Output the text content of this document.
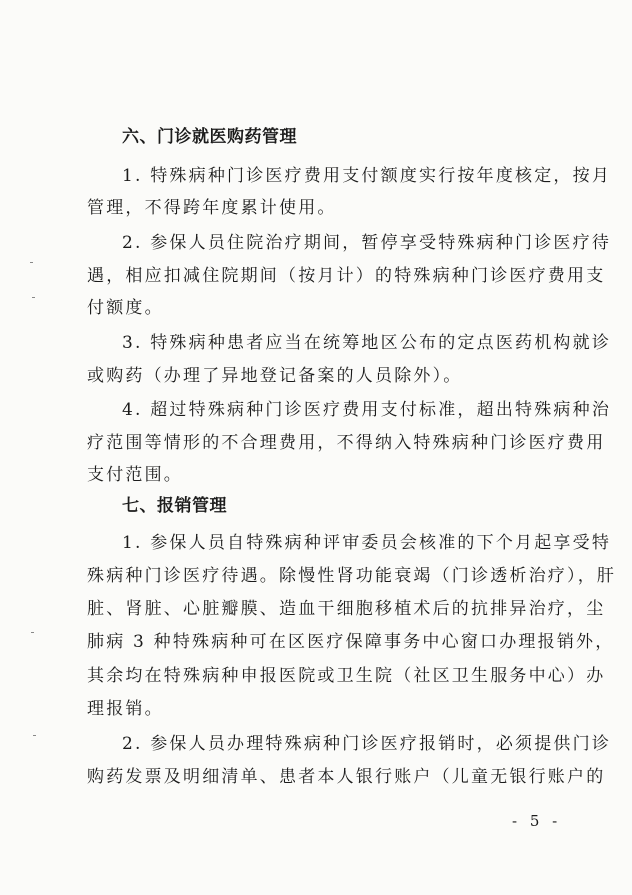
六、门诊就医购药管理
1. 特殊病种门诊医疗费用支付额度实行按年度核定，按月
管理，不得跨年度累计使用。
2. 参保人员住院治疗期间，暂停享受特殊病种门诊医疗待
遇，相应扣减住院期间（按月计）的特殊病种门诊医疗费用支
付额度。
3. 特殊病种患者应当在统筹地区公布的定点医药机构就诊
或购药（办理了异地登记备案的人员除外）。
4. 超过特殊病种门诊医疗费用支付标准，超出特殊病种治
疗范围等情形的不合理费用，不得纳入特殊病种门诊医疗费用
支付范围。
七、报销管理
1. 参保人员自特殊病种评审委员会核准的下个月起享受特
殊病种门诊医疗待遇。除慢性肾功能衰竭（门诊透析治疗），肝
脏、肾脏、心脏瓣膜、造血干细胞移植术后的抗排异治疗，尘
肺病 3 种特殊病种可在区医疗保障事务中心窗口办理报销外，
其余均在特殊病种申报医院或卫生院（社区卫生服务中心）办
理报销。
2. 参保人员办理特殊病种门诊医疗报销时，必须提供门诊
购药发票及明细清单、患者本人银行账户（儿童无银行账户的
- 5 -
